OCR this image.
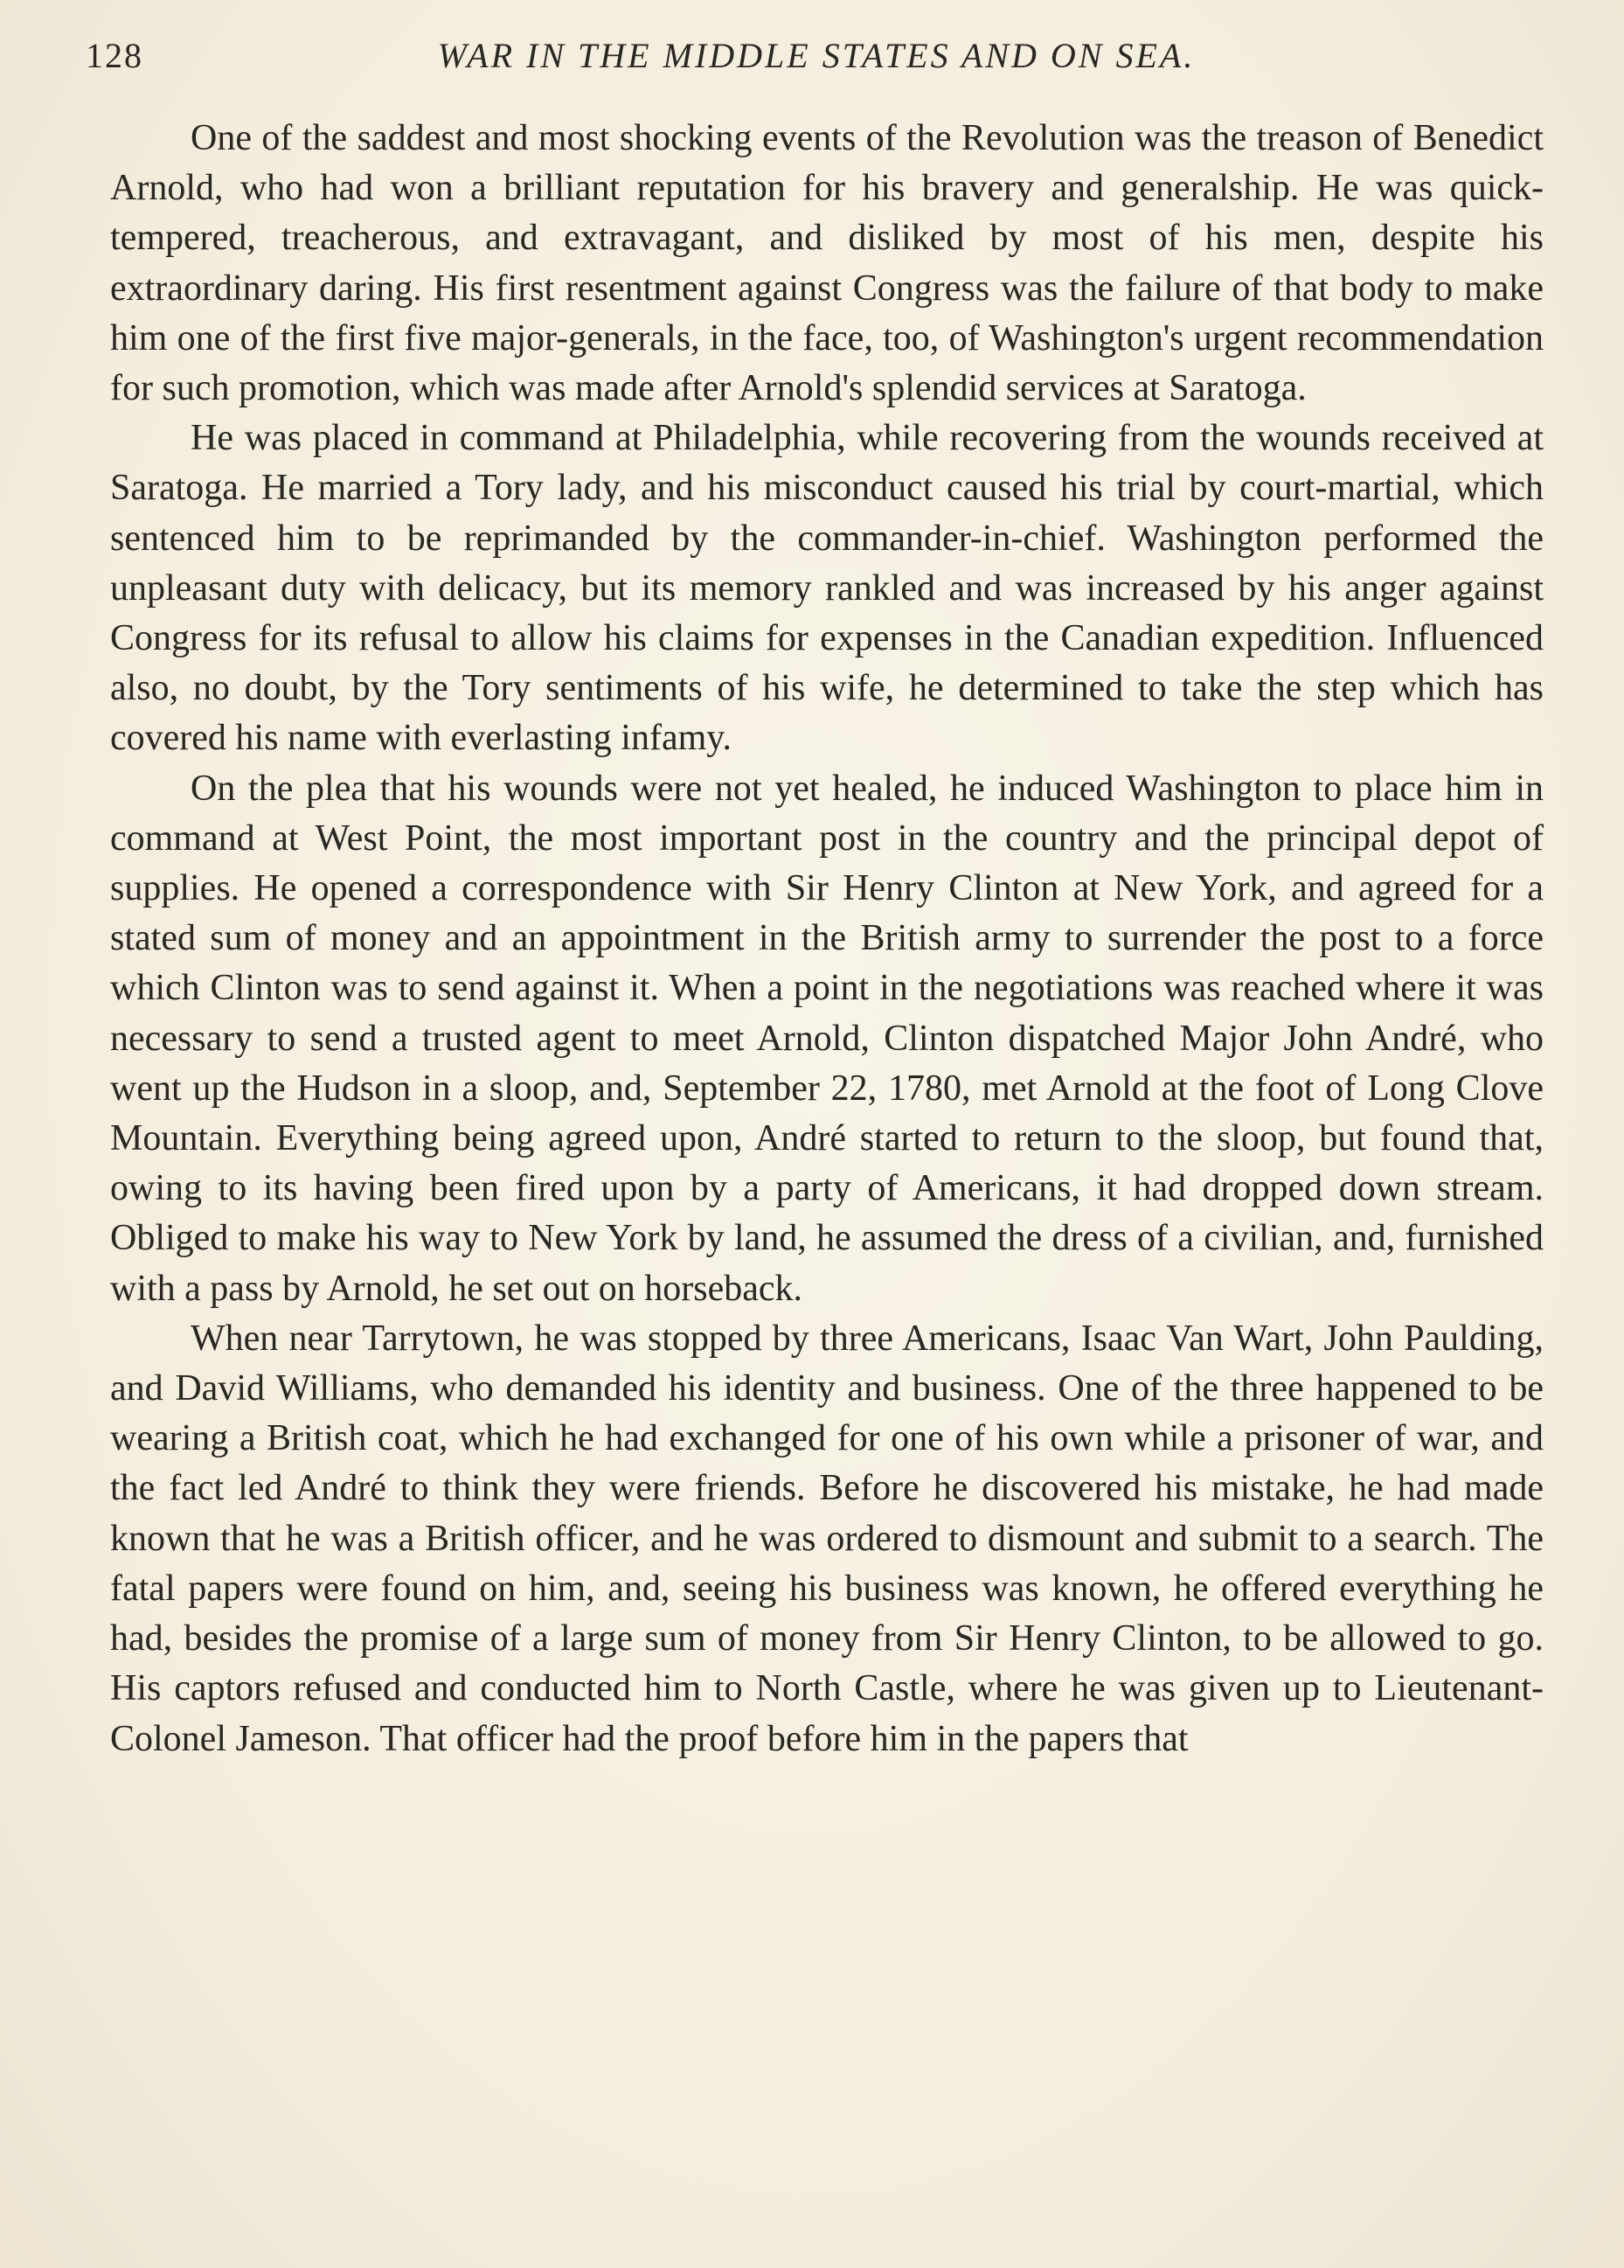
128	WAR IN THE MIDDLE STATES AND ON SEA.

One of the saddest and most shocking events of the Revolution was the treason of Benedict Arnold, who had won a brilliant reputation for his bravery and generalship. He was quick-tempered, treacherous, and extravagant, and disliked by most of his men, despite his extraordinary daring. His first resentment against Congress was the failure of that body to make him one of the first five major-generals, in the face, too, of Washington's urgent recommendation for such promotion, which was made after Arnold's splendid services at Saratoga.

He was placed in command at Philadelphia, while recovering from the wounds received at Saratoga. He married a Tory lady, and his misconduct caused his trial by court-martial, which sentenced him to be reprimanded by the commander-in-chief. Washington performed the unpleasant duty with delicacy, but its memory rankled and was increased by his anger against Congress for its refusal to allow his claims for expenses in the Canadian expedition. Influenced also, no doubt, by the Tory sentiments of his wife, he determined to take the step which has covered his name with everlasting infamy.

On the plea that his wounds were not yet healed, he induced Washington to place him in command at West Point, the most important post in the country and the principal depot of supplies. He opened a correspondence with Sir Henry Clinton at New York, and agreed for a stated sum of money and an appointment in the British army to surrender the post to a force which Clinton was to send against it. When a point in the negotiations was reached where it was necessary to send a trusted agent to meet Arnold, Clinton dispatched Major John André, who went up the Hudson in a sloop, and, September 22, 1780, met Arnold at the foot of Long Clove Mountain. Everything being agreed upon, André started to return to the sloop, but found that, owing to its having been fired upon by a party of Americans, it had dropped down stream. Obliged to make his way to New York by land, he assumed the dress of a civilian, and, furnished with a pass by Arnold, he set out on horseback.

When near Tarrytown, he was stopped by three Americans, Isaac Van Wart, John Paulding, and David Williams, who demanded his identity and business. One of the three happened to be wearing a British coat, which he had exchanged for one of his own while a prisoner of war, and the fact led André to think they were friends. Before he discovered his mistake, he had made known that he was a British officer, and he was ordered to dismount and submit to a search. The fatal papers were found on him, and, seeing his business was known, he offered everything he had, besides the promise of a large sum of money from Sir Henry Clinton, to be allowed to go. His captors refused and conducted him to North Castle, where he was given up to Lieutenant-Colonel Jameson. That officer had the proof before him in the papers that
